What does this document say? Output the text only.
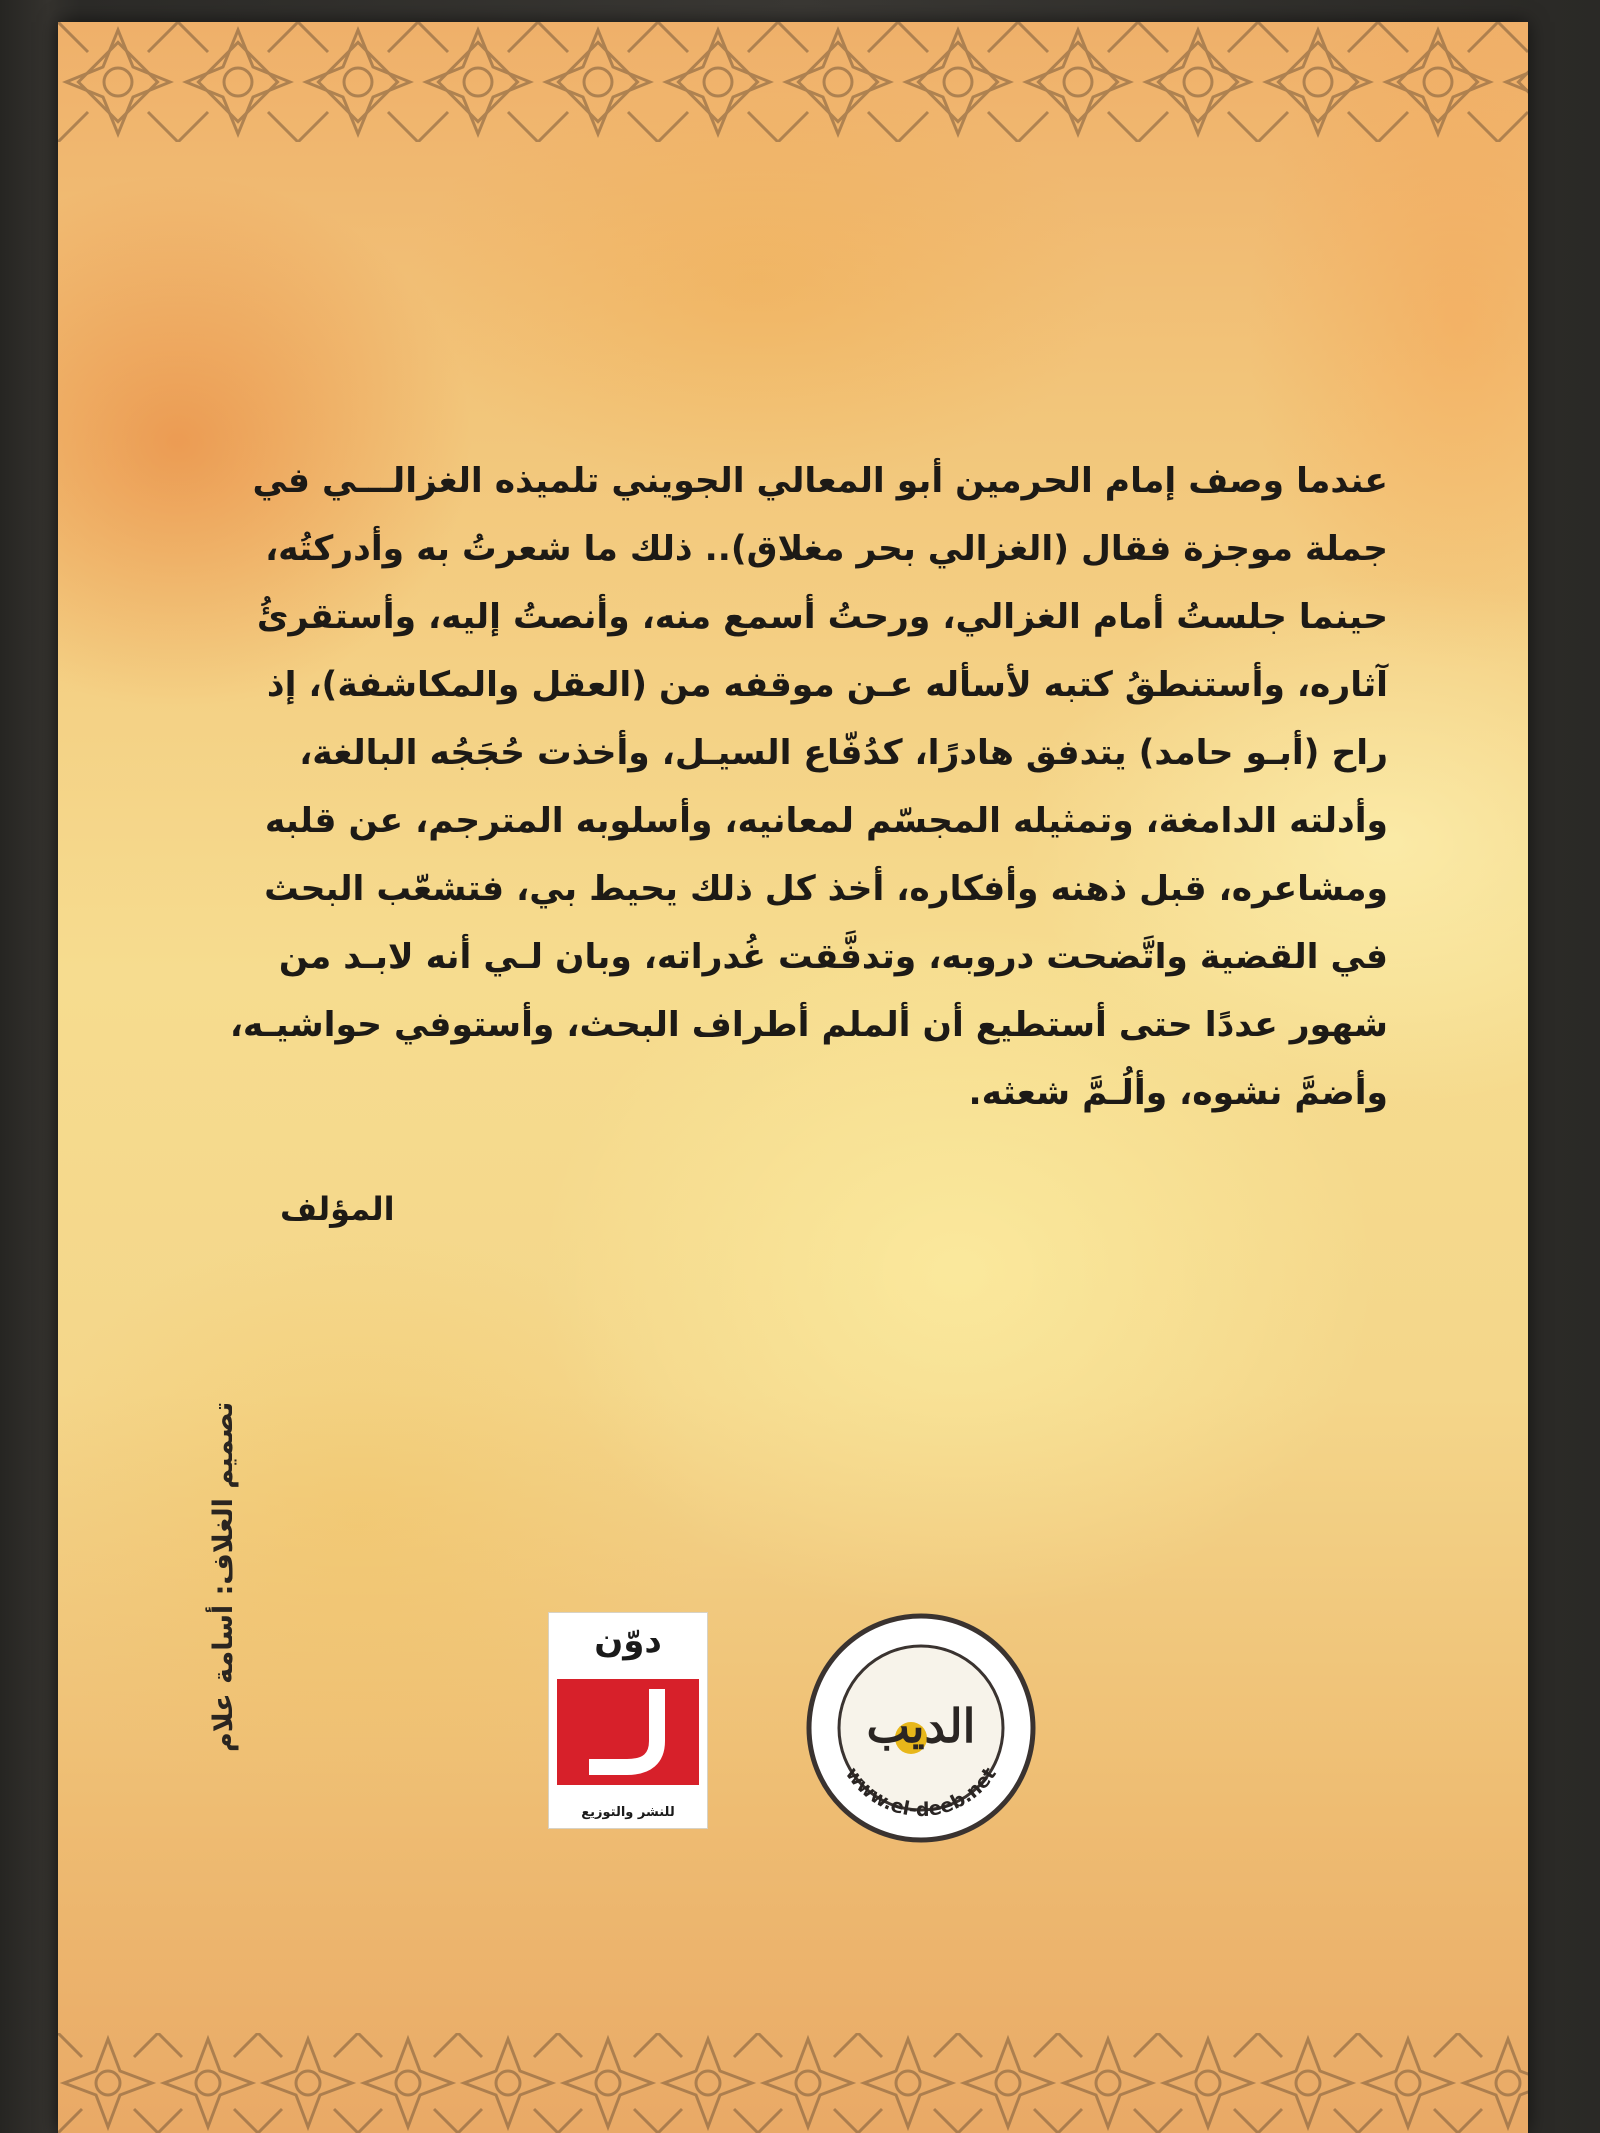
عندما وصف إمام الحرمين أبو المعالي الجويني تلميذه الغزالـــي في
جملة موجزة فقال (الغزالي بحر مغلاق).. ذلك ما شعرتُ به وأدركتُه،
حينما جلستُ أمام الغزالي، ورحتُ أسمع منه، وأنصتُ إليه، وأستقرئُ
آثاره، وأستنطقُ كتبه لأسأله عـن موقفه من (العقل والمكاشفة)، إذ
راح (أبـو حامد) يتدفق هادرًا، كدُفّاع السيـل، وأخذت حُجَجُه البالغة،
وأدلته الدامغة، وتمثيله المجسّم لمعانيه، وأسلوبه المترجم، عن قلبه
ومشاعره، قبل ذهنه وأفكاره، أخذ كل ذلك يحيط بي، فتشعّب البحث
في القضية واتَّضحت دروبه، وتدفَّقت غُدراته، وبان لـي أنه لابـد من
شهور عددًا حتى أستطيع أن ألملم أطراف البحث، وأستوفي حواشيـه،
وأضمَّ نشوه، وألُـمَّ شعثه.
المؤلف
تصميم الغلاف: أسامة علام	دوّن
للنشر والتوزيع
الديب
www.el-deeb.net
